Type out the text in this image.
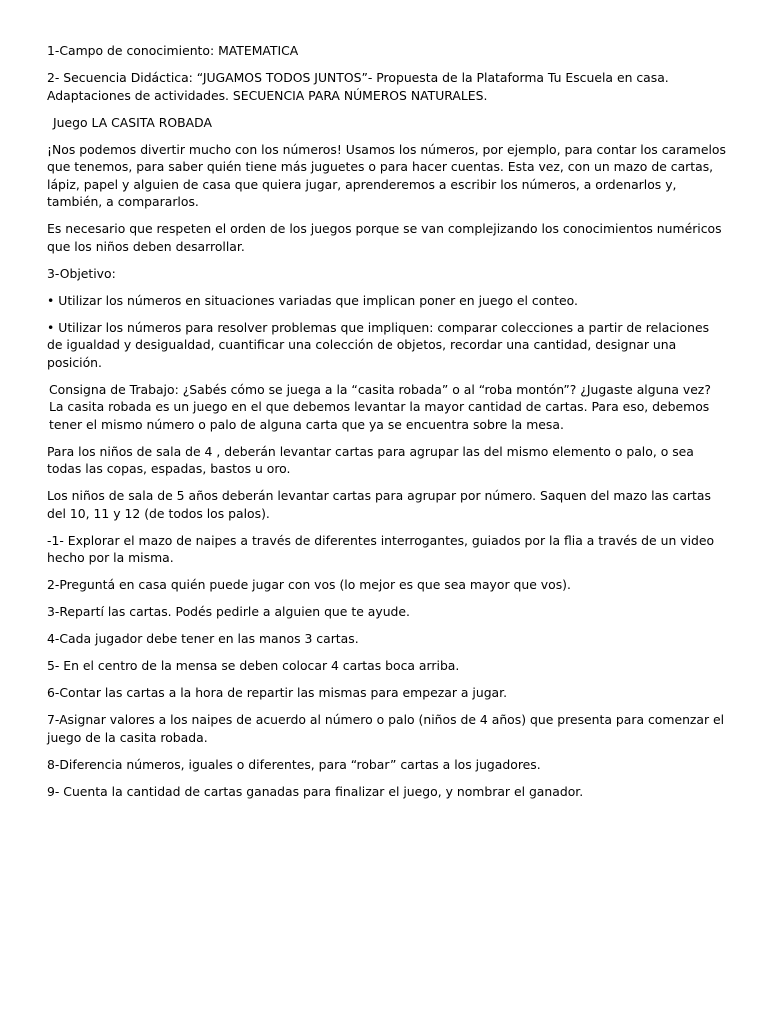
1-Campo de conocimiento: MATEMATICA

2- Secuencia Didáctica: “JUGAMOS TODOS JUNTOS”- Propuesta de la Plataforma Tu Escuela en casa. Adaptaciones de actividades. SECUENCIA PARA NÚMEROS NATURALES.

Juego LA CASITA ROBADA

¡Nos podemos divertir mucho con los números! Usamos los números, por ejemplo, para contar los caramelos que tenemos, para saber quién tiene más juguetes o para hacer cuentas. Esta vez, con un mazo de cartas, lápiz, papel y alguien de casa que quiera jugar, aprenderemos a escribir los números, a ordenarlos y, también, a compararlos.

Es necesario que respeten el orden de los juegos porque se van complejizando los conocimientos numéricos que los niños deben desarrollar.

3-Objetivo:

• Utilizar los números en situaciones variadas que implican poner en juego el conteo.

• Utilizar los números para resolver problemas que impliquen: comparar colecciones a partir de relaciones de igualdad y desigualdad, cuantificar una colección de objetos, recordar una cantidad, designar una posición.

Consigna de Trabajo: ¿Sabés cómo se juega a la “casita robada” o al “roba montón”? ¿Jugaste alguna vez? La casita robada es un juego en el que debemos levantar la mayor cantidad de cartas. Para eso, debemos tener el mismo número o palo de alguna carta que ya se encuentra sobre la mesa.

Para los niños de sala de 4 , deberán levantar cartas para agrupar las del mismo elemento o palo, o sea todas las copas, espadas, bastos u oro.

Los niños de sala de 5 años deberán levantar cartas para agrupar por número. Saquen del mazo las cartas del 10, 11 y 12 (de todos los palos).

-1- Explorar el mazo de naipes a través de diferentes interrogantes, guiados por la flia a través de un video hecho por la misma.

2-Preguntá en casa quién puede jugar con vos (lo mejor es que sea mayor que vos).

3-Repartí las cartas. Podés pedirle a alguien que te ayude.

4-Cada jugador debe tener en las manos 3 cartas.

5- En el centro de la mensa se deben colocar 4 cartas boca arriba.

6-Contar las cartas a la hora de repartir las mismas para empezar a jugar.

7-Asignar valores a los naipes de acuerdo al número o palo (niños de 4 años) que presenta para comenzar el juego de la casita robada.

8-Diferencia números, iguales o diferentes, para “robar” cartas a los jugadores.

9- Cuenta la cantidad de cartas ganadas para finalizar el juego, y nombrar el ganador.
